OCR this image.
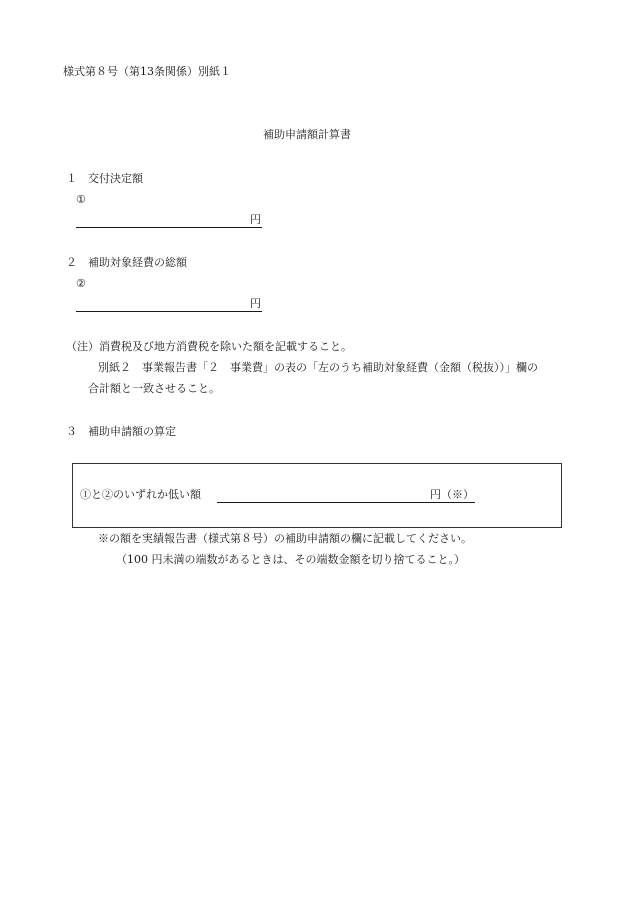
様式第８号（第13条関係）別紙１
補助申請額計算書
１　交付決定額
①
円
２　補助対象経費の総額
②
円
（注）消費税及び地方消費税を除いた額を記載すること。
別紙２　事業報告書「２　事業費」の表の「左のうち補助対象経費（金額（税抜））」欄の
合計額と一致させること。
３　補助申請額の算定
①と②のいずれか低い額	円（※）
※の額を実績報告書（様式第８号）の補助申請額の欄に記載してください。
（100 円未満の端数があるときは、その端数金額を切り捨てること。）
